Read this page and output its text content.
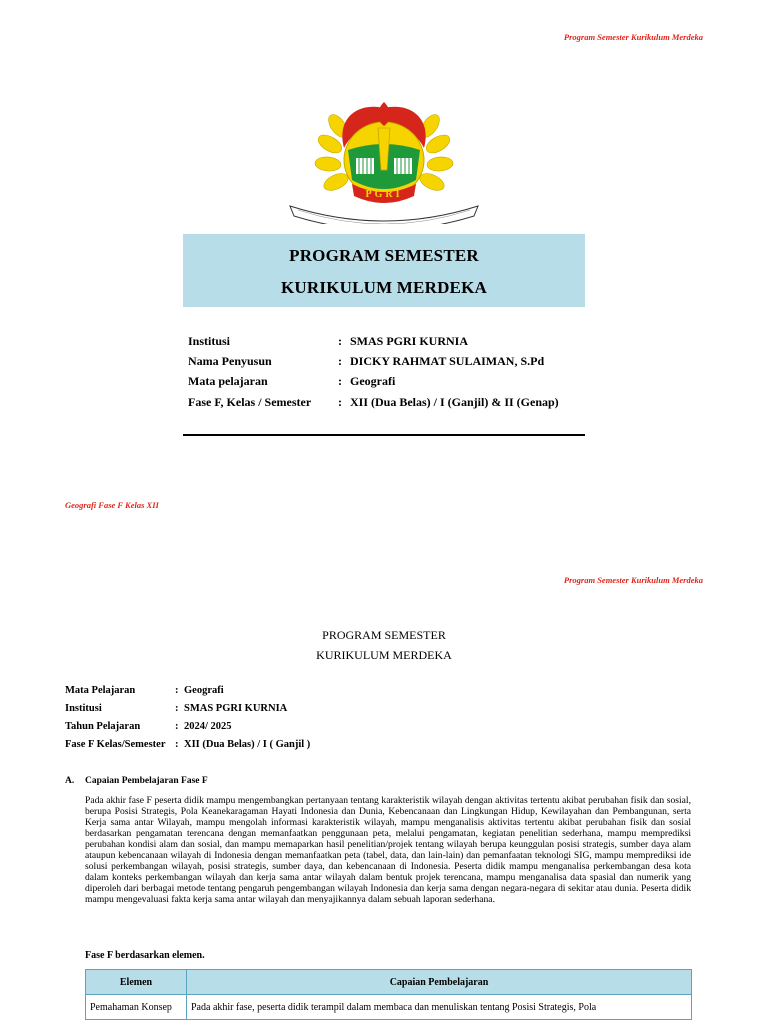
Program Semester Kurikulum Merdeka
PGRI
PROGRAM SEMESTER
KURIKULUM MERDEKA
Institusi	: SMAS PGRI KURNIA
Nama Penyusun	: DICKY RAHMAT SULAIMAN, S.Pd
Mata pelajaran	: Geografi
Fase F, Kelas / Semester : XII (Dua Belas) / I (Ganjil) & II (Genap)
Geografi Fase F Kelas XII
Program Semester Kurikulum Merdeka
PROGRAM SEMESTER
KURIKULUM MERDEKA
Mata Pelajaran	: Geografi
Institusi	: SMAS PGRI KURNIA
Tahun Pelajaran	: 2024/ 2025
Fase F Kelas/Semester : XII (Dua Belas) / I ( Ganjil )
A. Capaian Pembelajaran Fase F

Pada akhir fase F peserta didik mampu mengembangkan pertanyaan tentang karakteristik wilayah dengan aktivitas tertentu akibat perubahan fisik dan sosial, berupa Posisi Strategis, Pola Keanekaragaman Hayati Indonesia dan Dunia, Kebencanaan dan Lingkungan Hidup, Kewilayahan dan Pembangunan, serta Kerja sama antar Wilayah, mampu mengolah informasi karakteristik wilayah, mampu menganalisis aktivitas tertentu akibat perubahan fisik dan sosial berdasarkan pengamatan terencana dengan memanfaatkan penggunaan peta, melalui pengamatan, kegiatan penelitian sederhana, mampu memprediksi perubahan kondisi alam dan sosial, dan mampu memaparkan hasil penelitian/projek tentang wilayah berupa keunggulan posisi strategis, sumber daya alam ataupun kebencanaan wilayah di Indonesia dengan memanfaatkan peta (tabel, data, dan lain-lain) dan pemanfaatan teknologi SIG, mampu memprediksi ide solusi perkembangan wilayah, posisi strategis, sumber daya, dan kebencanaan di Indonesia. Peserta didik mampu menganalisa perkembangan desa kota dalam konteks perkembangan wilayah dan kerja sama antar wilayah dalam bentuk projek terencana, mampu menganalisa data spasial dan numerik yang diperoleh dari berbagai metode tentang pengaruh pengembangan wilayah Indonesia dan kerja sama dengan negara-negara di sekitar atau dunia. Peserta didik mampu mengevaluasi fakta kerja sama antar wilayah dan menyajikannya dalam sebuah laporan sederhana.

Fase F berdasarkan elemen.
Elemen	Capaian Pembelajaran
Pemahaman Konsep	Pada akhir fase, peserta didik terampil dalam membaca dan menuliskan tentang Posisi Strategis, Pola
